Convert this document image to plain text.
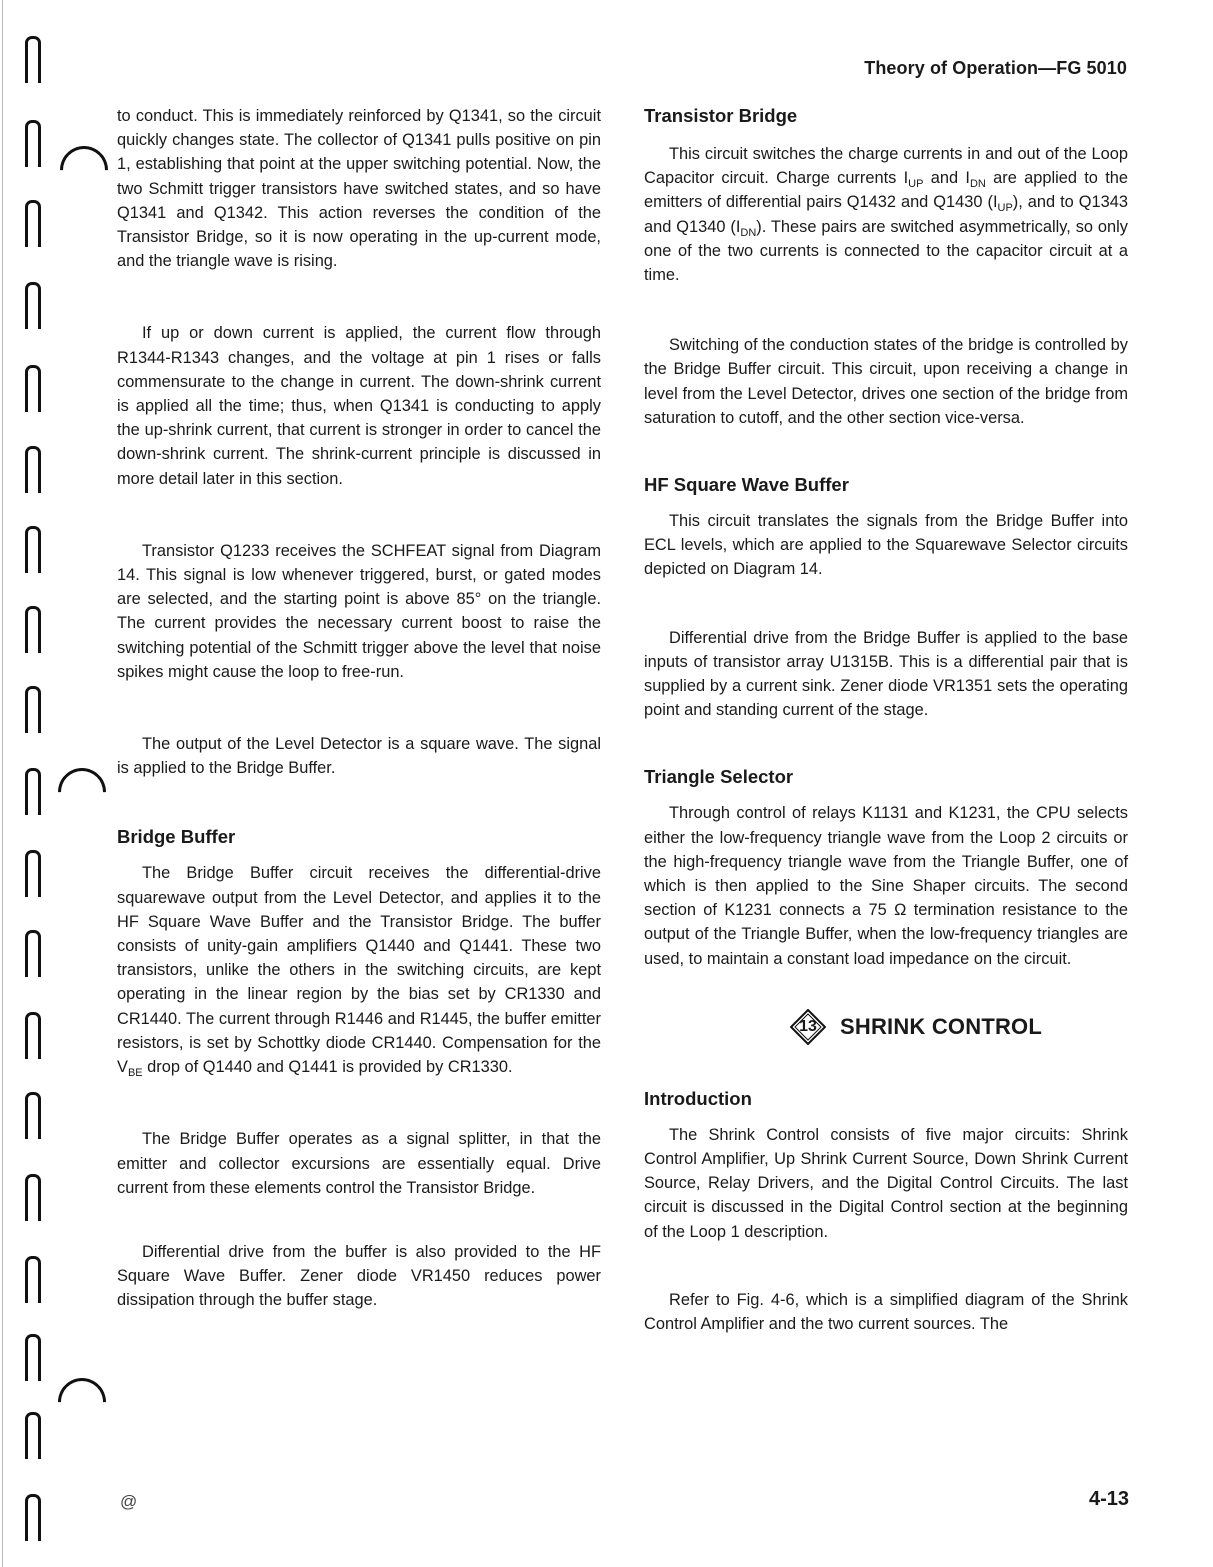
Theory of Operation—FG 5010

to conduct. This is immediately reinforced by Q1341, so the circuit quickly changes state. The collector of Q1341 pulls positive on pin 1, establishing that point at the upper switching potential. Now, the two Schmitt trigger transistors have switched states, and so have Q1341 and Q1342. This action reverses the condition of the Transistor Bridge, so it is now operating in the up-current mode, and the triangle wave is rising.

If up or down current is applied, the current flow through R1344-R1343 changes, and the voltage at pin 1 rises or falls commensurate to the change in current. The down-shrink current is applied all the time; thus, when Q1341 is conducting to apply the up-shrink current, that current is stronger in order to cancel the down-shrink current. The shrink-current principle is discussed in more detail later in this section.

Transistor Q1233 receives the SCHFEAT signal from Diagram 14. This signal is low whenever triggered, burst, or gated modes are selected, and the starting point is above 85° on the triangle. The current provides the necessary current boost to raise the switching potential of the Schmitt trigger above the level that noise spikes might cause the loop to free-run.

The output of the Level Detector is a square wave. The signal is applied to the Bridge Buffer.

Bridge Buffer

The Bridge Buffer circuit receives the differential-drive squarewave output from the Level Detector, and applies it to the HF Square Wave Buffer and the Transistor Bridge. The buffer consists of unity-gain amplifiers Q1440 and Q1441. These two transistors, unlike the others in the switching circuits, are kept operating in the linear region by the bias set by CR1330 and CR1440. The current through R1446 and R1445, the buffer emitter resistors, is set by Schottky diode CR1440. Compensation for the $V_{BE}$ drop of Q1440 and Q1441 is provided by CR1330.

The Bridge Buffer operates as a signal splitter, in that the emitter and collector excursions are essentially equal. Drive current from these elements control the Transistor Bridge.

Differential drive from the buffer is also provided to the HF Square Wave Buffer. Zener diode VR1450 reduces power dissipation through the buffer stage.

Transistor Bridge

This circuit switches the charge currents in and out of the Loop Capacitor circuit. Charge currents $I_{UP}$ and $I_{DN}$ are applied to the emitters of differential pairs Q1432 and Q1430 $(I_{UP})$, and to Q1343 and Q1340 $(I_{DN})$. These pairs are switched asymmetrically, so only one of the two currents is connected to the capacitor circuit at a time.

Switching of the conduction states of the bridge is controlled by the Bridge Buffer circuit. This circuit, upon receiving a change in level from the Level Detector, drives one section of the bridge from saturation to cutoff, and the other section vice-versa.

HF Square Wave Buffer

This circuit translates the signals from the Bridge Buffer into ECL levels, which are applied to the Squarewave Selector circuits depicted on Diagram 14.

Differential drive from the Bridge Buffer is applied to the base inputs of transistor array U1315B. This is a differential pair that is supplied by a current sink. Zener diode VR1351 sets the operating point and standing current of the stage.

Triangle Selector

Through control of relays K1131 and K1231, the CPU selects either the low-frequency triangle wave from the Loop 2 circuits or the high-frequency triangle wave from the Triangle Buffer, one of which is then applied to the Sine Shaper circuits. The second section of K1231 connects a 75 Ω termination resistance to the output of the Triangle Buffer, when the low-frequency triangles are used, to maintain a constant load impedance on the circuit.

13	SHRINK CONTROL
Introduction

The Shrink Control consists of five major circuits: Shrink Control Amplifier, Up Shrink Current Source, Down Shrink Current Source, Relay Drivers, and the Digital Control Circuits. The last circuit is discussed in the Digital Control section at the beginning of the Loop 1 description.

Refer to Fig. 4-6, which is a simplified diagram of the Shrink Control Amplifier and the two current sources. The

@	4-13
